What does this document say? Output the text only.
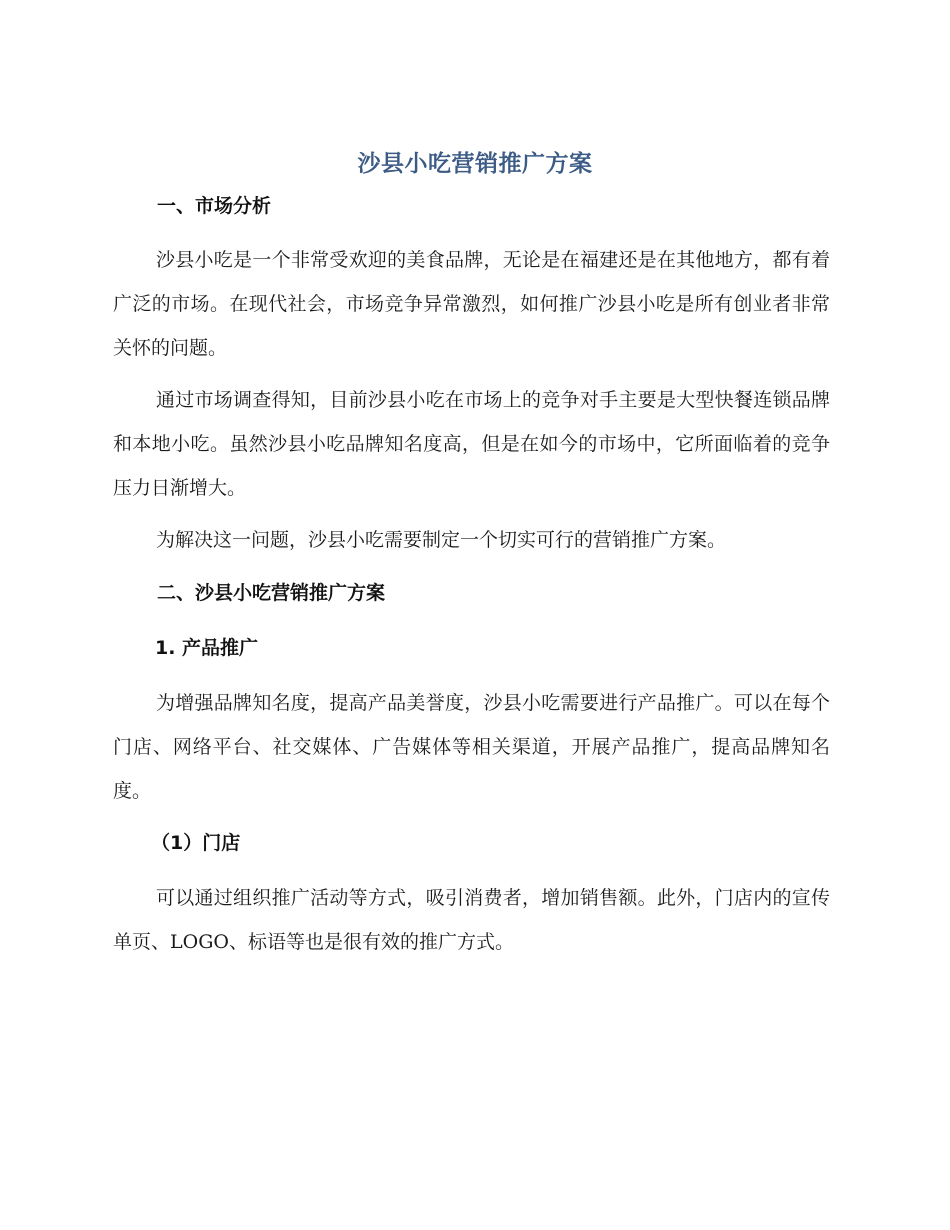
沙县小吃营销推广方案
一、市场分析
沙县小吃是一个非常受欢迎的美食品牌，无论是在福建还是在其他地方，都有着广泛的市场。在现代社会，市场竞争异常激烈，如何推广沙县小吃是所有创业者非常关怀的问题。
通过市场调查得知，目前沙县小吃在市场上的竞争对手主要是大型快餐连锁品牌和本地小吃。虽然沙县小吃品牌知名度高，但是在如今的市场中，它所面临着的竞争压力日渐增大。
为解决这一问题，沙县小吃需要制定一个切实可行的营销推广方案。
二、沙县小吃营销推广方案
1. 产品推广
为增强品牌知名度，提高产品美誉度，沙县小吃需要进行产品推广。可以在每个门店、网络平台、社交媒体、广告媒体等相关渠道，开展产品推广，提高品牌知名度。
（1）门店
可以通过组织推广活动等方式，吸引消费者，增加销售额。此外，门店内的宣传单页、LOGO、标语等也是很有效的推广方式。
